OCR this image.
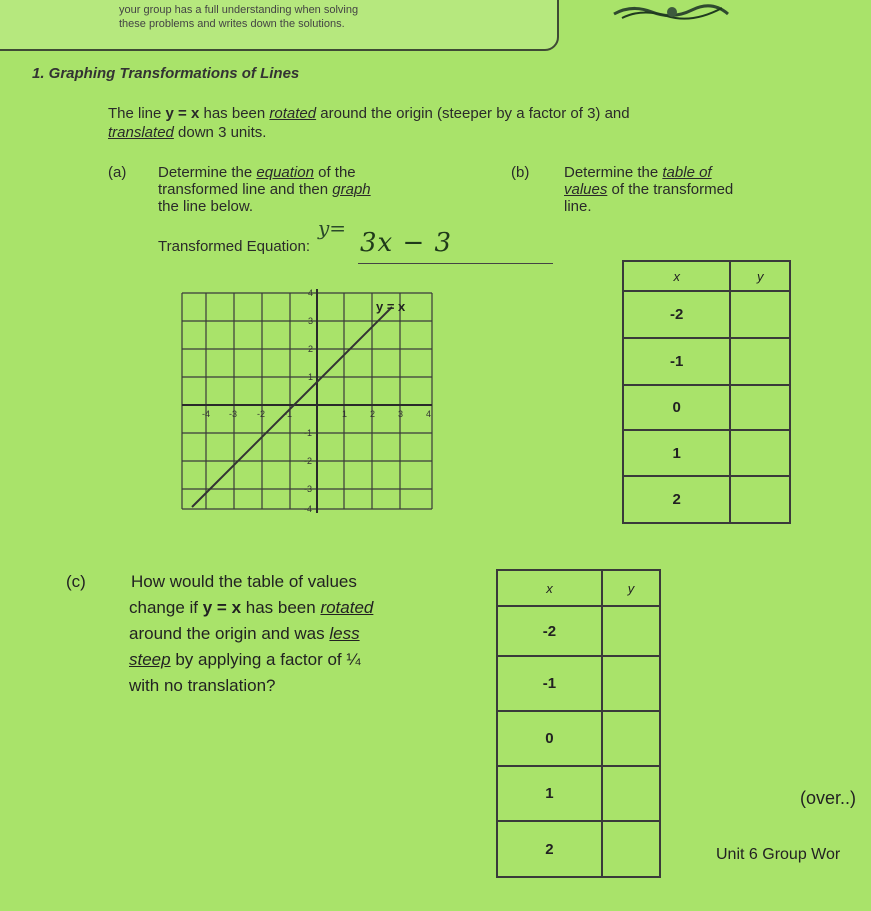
your group has a full understanding when solving
these problems and writes down the solutions.
1. Graphing Transformations of Lines
The line y = x has been rotated around the origin (steeper by a factor of 3) and
translated down 3 units.
(a) Determine the equation of the
transformed line and then graph
the line below.
(b) Determine the table of
values of the transformed
line.
Transformed Equation:
y= 3x − 3
y = x
-4 -3 -2 -1	1	2	3	4
4
3
2
1
-1
-2
-3
-4
x	y
-2	
-1	
0	
1	
2	
(c)	How would the table of values
change if y = x has been rotated
around the origin and was less
steep by applying a factor of ¼
with no translation?
x	y
-2	
-1	
0	
1	
2	
(over..)
Unit 6 Group Wor
